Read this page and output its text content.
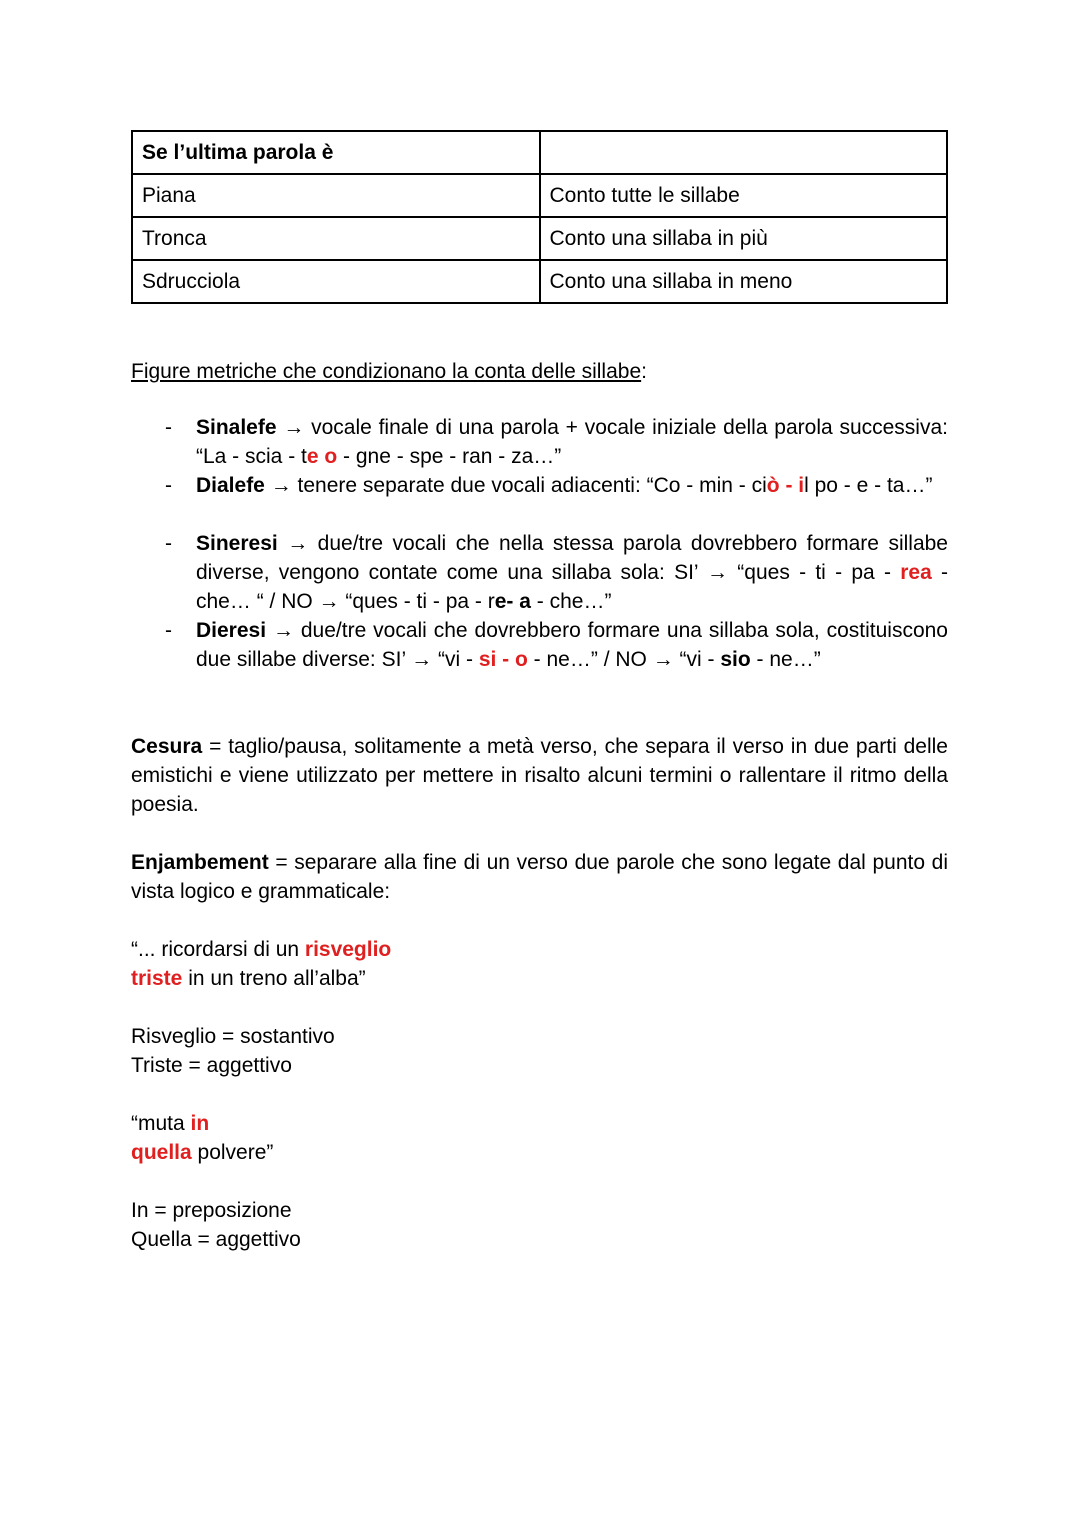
Se l’ultima parola è	
Piana	Conto tutte le sillabe
Tronca	Conto una sillaba in più
Sdrucciola	Conto una sillaba in meno

Figure metriche che condizionano la conta delle sillabe:

- Sinalefe → vocale finale di una parola + vocale iniziale della parola successiva: “La - scia - te o - gne - spe - ran - za…”
- Dialefe → tenere separate due vocali adiacenti: “Co - min - ciò - il po - e - ta…”
- Sineresi → due/tre vocali che nella stessa parola dovrebbero formare sillabe diverse, vengono contate come una sillaba sola: SI’ → “ques - ti - pa - rea - che… “ / NO → “ques - ti - pa - re- a - che…”
- Dieresi → due/tre vocali che dovrebbero formare una sillaba sola, costituiscono due sillabe diverse: SI’ → “vi - si - o - ne…” / NO → “vi - sio - ne…”

Cesura = taglio/pausa, solitamente a metà verso, che separa il verso in due parti delle emistichi e viene utilizzato per mettere in risalto alcuni termini o rallentare il ritmo della poesia.

Enjambement = separare alla fine di un verso due parole che sono legate dal punto di vista logico e grammaticale:

“... ricordarsi di un risveglio

triste in un treno all’alba”

Risveglio = sostantivo

Triste = aggettivo

“muta in

quella polvere”

In = preposizione

Quella = aggettivo
